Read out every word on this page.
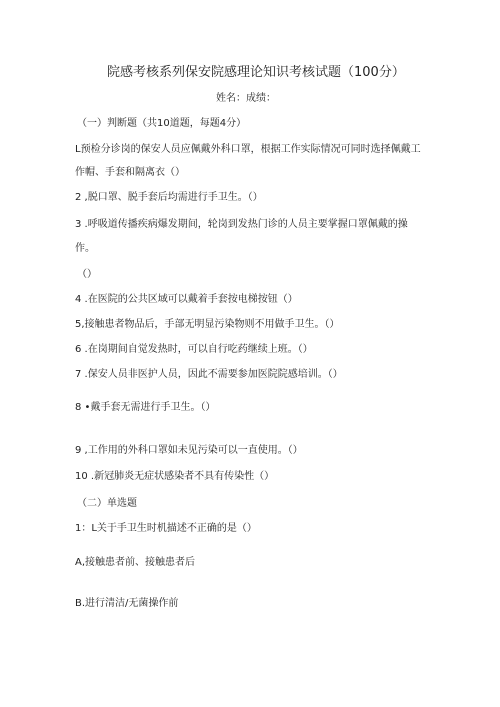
院感考核系列保安院感理论知识考核试题（100分）
姓名：成绩：
（一）判断题（共10道题，每题4分）
L预检分诊岗的保安人员应佩戴外科口罩，根据工作实际情况可同时选择佩戴工
作帽、手套和隔离衣（）
2 ,脱口罩、脱手套后均需进行手卫生。（）
3 .呼吸道传播疾病爆发期间，轮岗到发热门诊的人员主要掌握口罩佩戴的操
作。
（）
4 .在医院的公共区域可以戴着手套按电梯按钮（）
5,接触患者物品后，手部无明显污染物则不用做手卫生。（）
6 .在岗期间自觉发热时，可以自行吃药继续上班。（）
7 .保安人员非医护人员，因此不需要参加医院院感培训。（）
8 •戴手套无需进行手卫生。（）
9 ,工作用的外科口罩如未见污染可以一直使用。（）
10 .新冠肺炎无症状感染者不具有传染性（）
（二）单选题
1：L关于手卫生时机描述不正确的是（）
A,接触患者前、接触患者后
B.进行清洁/无菌操作前
